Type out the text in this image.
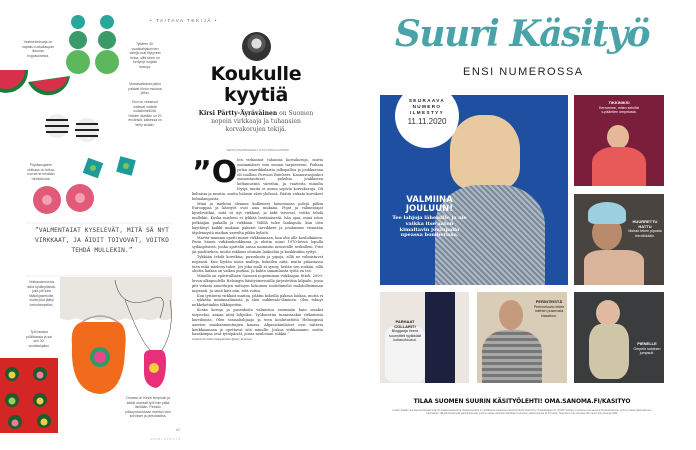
• TAITAVA TEKIJÄ •
Koukulle
kyytiä
Kirsi Pärtty-Äyräväinen on Suomen nopein virkkaaja ja tuhansien korvakorujen tekijä.
TEKSTI KOLUMNIAINEN // KUVAT ANNA KUUVINEN

”O len virkannut tuhansia korvakoruja, mutta ensimmäiset tein omaan tarpeeseeni. Poikani pelaa amerikkalaista jalkapalloa ja joukkueena oli tuolloin Porvoon Butchers. Kannustusjoukot sonnustautuvat peleihin joukkueen keltamustiin väreihin, ja vaatteita minulta löytyi, mutta ei asuun sopivia korvakoruja. Oli keltaisia ja mustia, mutta halusin värit yhdessä. Päätin virkata korvikset helmilangoista.

Minä ja mieheni olemme kulkeneet katsomassa pelejä pitkin Eurooppaa ja käsityöt ovat aina mukana. Pojat ja valmentajat kyselevätkin, mitä sä nyt virkkaat, ja äidit toivovat, voitko tehdä mullekin. Koska mieheni ei tykkää lentämisestä, hän ajaa, minä istun pelkääjän paikalla ja virkkaan. Välillä tulee lankapula, kun olen käyttänyt kaikki mukaan pakatut tarvikkeet ja joudumme etsimään täydennystä matkan varrelta pikku kylistä.

Martta-mummo opetti minut virkkaamaan, kun olin alle kouluikäinen. Perin hänen virkkuukoukkunsa ja aloitin urani 1970-luvun lopulla sydänpitsistä, jonka ajattelin antaa naimisiin menevälle serkulleni. Pitsi jäi puolitiehen, mutta rakkaus ohuisiin lankoihin ja koukkuihin syttyi.

Tykkään tehdä korviksia, pussukoita ja pipoja, sillä ne valmistuvat nopeasti. Kun löydän uusia malleja, kokeilen niitä, mutta pääasiassa teen mitä mieleen tulee. Jos joku malli ei synny, heitän sen roskiin, sillä ohutta lankaa on vaikea purkaa. Ja kahta samanlaista työtä en tee.

Minulla on epävirallinen Suomen nopeimman virkkaajan titteli. 2000-luvun alkupuolella Helsingin käsityömessuilla järjestettiin kilpailu, jossa piti virkata annettujen mittojen kokoinen isoäidinneliö mahdollisimman nopeasti. Ja siinä kävi niin, että voitin.

Kun tyttäreni virkkasi mattoa, päätin kokeilla paksua lankaa, mutta ei – tykkään minimaalimasta ja olen nukketalo-ihminen. Olen tehnyt nukkekotiinkin tilkkupeiton.

Koska koruja ja pussukoita valmistuu enemmän kuin omaksi tarpeeksi, annan niitä lahjoiksi. Työkaverini tunnistaakin virkatuista korviksista. Olen sosiaaliohjaaja ja teen koulutustöitä Helsingissä aasvien maahanmuuttajien kanssa. Afganistanilaiset ovat taitavia koukkaamaan ja opettavat sitä minulle. Joskus virkkaamme, mutta hauskimpia ovat tyttöpäivät, joissa neulotaan sukkia.”

Lisää Kirsin töitä Instagramissa @kirsi_koukutus
”VALMENTAIAT KYSELEVÄT, MITÄ SÄ NYT VIRKKAAT, JA ÄIDIT TOIVOVAT, VOITKO TEHDÄ MULLEKIN.”
Vesimelonisarja on napattu ruokakaupan ikkunan hoppauksesta.
Tyttären 40-vuotislahjakorvien värejä ovat löytyneet kotoa, sillä sinne on kertynyt hurjasti lankoja.
Mustavalkoiset pallot palavat Kirsin mukana pitkin.
Kirsi on virkannut valtavat määrät isoäidinneliöitä. Näiden itsetään on 20 erivärisiä, kaikessa on tehty sisään.
Pöytäsuojaeen virkkaus on tuttua, korvat ne tehdään minikokoina.
Virkkausinnostus alkoi sydänpitsistä, joita piti tulla häälahjaserkulle, mutta joka jäätyi verhotampeiksi.
Työt lasissa pöllökassia ja sai sen 30-vuotislahjaksi.
Oranssi on Kirsin lempiväri ja kaikki oranssit työt hän pitää itsellään. Pinkkiin pikkupussukkaan mahtuu vain korvikset ja piirtolasilina.
62
SUURI KÄSITYÖ
Suuri Käsityö
ENSI NUMEROSSA
SEURAAVA
NUMERO
ILMESTYY
11.11.2020
VALMIINA JOULUUN!
Tee lahjoja läheisille ja ole vaikka itse aaton kimaltavin joulupallo upeassa bomberissa.
TIKKINIKSI
Kerromme, miten selvität v-pääntien ompelusta.
HUURRETTU HATTU
Mohair tekee piposta trendikkään.
PARHAAT COLLARIT!
Bloggaaja Veera suunnitteli tyylikkäät kotiasuhousut.
PERINTEISTÄ
Perinnekuvio tekee miehen puserosta klassikon.
PIENELLE
Ompele suloinen jumpsuit.
TILAA SUOMEN SUURIN KÄSITYÖLEHTI! OMA.SANOMA.FI/KASITYO
Lehden tilaajat ovat Sanoma Media Finlandin asiakasrekisterissä. Rekisteriseloste on nähtävissä osoitteessa Sanoma Media Finland Oy, Porkkalankatu 20, 00180 Helsinki ja verkossa oma.sanoma.fi/rekisteriseloste. Lehti ei vastaa tilaamattomien materiaalien säilyttämisestä eikä palauttamisesta. Lehti ei vastaa tekstissä mainittujen tuotteiden saatavuudesta tai hinnoista. Tarjoukset ovat voimassa niin kauan kuin tavaraa riittää.
